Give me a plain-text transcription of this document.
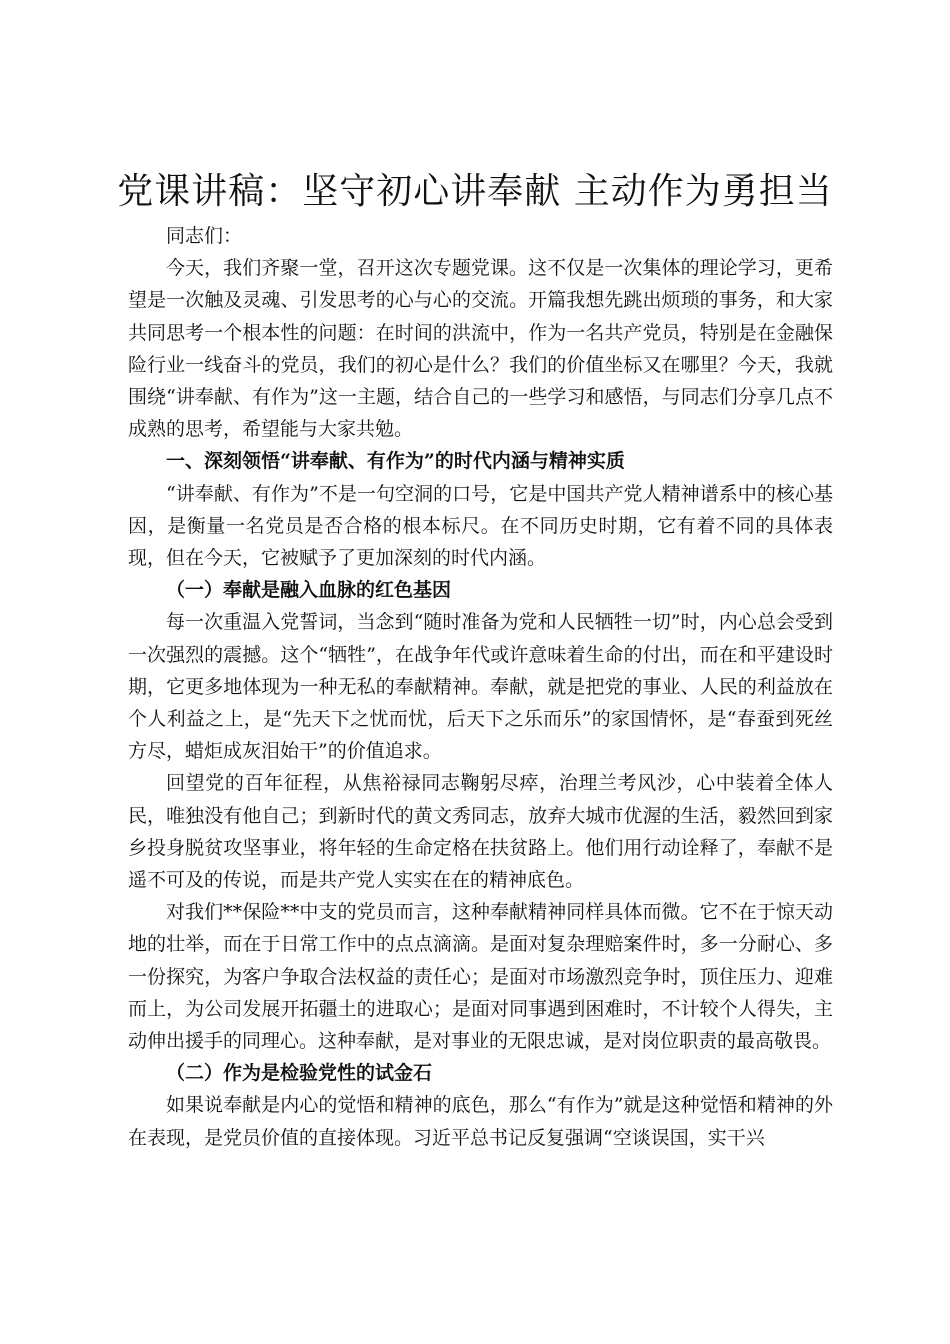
党课讲稿：坚守初心讲奉献 主动作为勇担当

同志们：

今天，我们齐聚一堂，召开这次专题党课。这不仅是一次集体的理论学习，更希望是一次触及灵魂、引发思考的心与心的交流。开篇我想先跳出烦琐的事务，和大家共同思考一个根本性的问题：在时间的洪流中，作为一名共产党员，特别是在金融保险行业一线奋斗的党员，我们的初心是什么？我们的价值坐标又在哪里？今天，我就围绕“讲奉献、有作为”这一主题，结合自己的一些学习和感悟，与同志们分享几点不成熟的思考，希望能与大家共勉。

一、深刻领悟“讲奉献、有作为”的时代内涵与精神实质

“讲奉献、有作为”不是一句空洞的口号，它是中国共产党人精神谱系中的核心基因，是衡量一名党员是否合格的根本标尺。在不同历史时期，它有着不同的具体表现，但在今天，它被赋予了更加深刻的时代内涵。

（一）奉献是融入血脉的红色基因

每一次重温入党誓词，当念到“随时准备为党和人民牺牲一切”时，内心总会受到一次强烈的震撼。这个“牺牲”，在战争年代或许意味着生命的付出，而在和平建设时期，它更多地体现为一种无私的奉献精神。奉献，就是把党的事业、人民的利益放在个人利益之上，是“先天下之忧而忧，后天下之乐而乐”的家国情怀，是“春蚕到死丝方尽，蜡炬成灰泪始干”的价值追求。

回望党的百年征程，从焦裕禄同志鞠躬尽瘁，治理兰考风沙，心中装着全体人民，唯独没有他自己；到新时代的黄文秀同志，放弃大城市优渥的生活，毅然回到家乡投身脱贫攻坚事业，将年轻的生命定格在扶贫路上。他们用行动诠释了，奉献不是遥不可及的传说，而是共产党人实实在在的精神底色。

对我们**保险**中支的党员而言，这种奉献精神同样具体而微。它不在于惊天动地的壮举，而在于日常工作中的点点滴滴。是面对复杂理赔案件时，多一分耐心、多一份探究，为客户争取合法权益的责任心；是面对市场激烈竞争时，顶住压力、迎难而上，为公司发展开拓疆土的进取心；是面对同事遇到困难时，不计较个人得失，主动伸出援手的同理心。这种奉献，是对事业的无限忠诚，是对岗位职责的最高敬畏。

（二）作为是检验党性的试金石

如果说奉献是内心的觉悟和精神的底色，那么“有作为”就是这种觉悟和精神的外在表现，是党员价值的直接体现。习近平总书记反复强调“空谈误国，实干兴
